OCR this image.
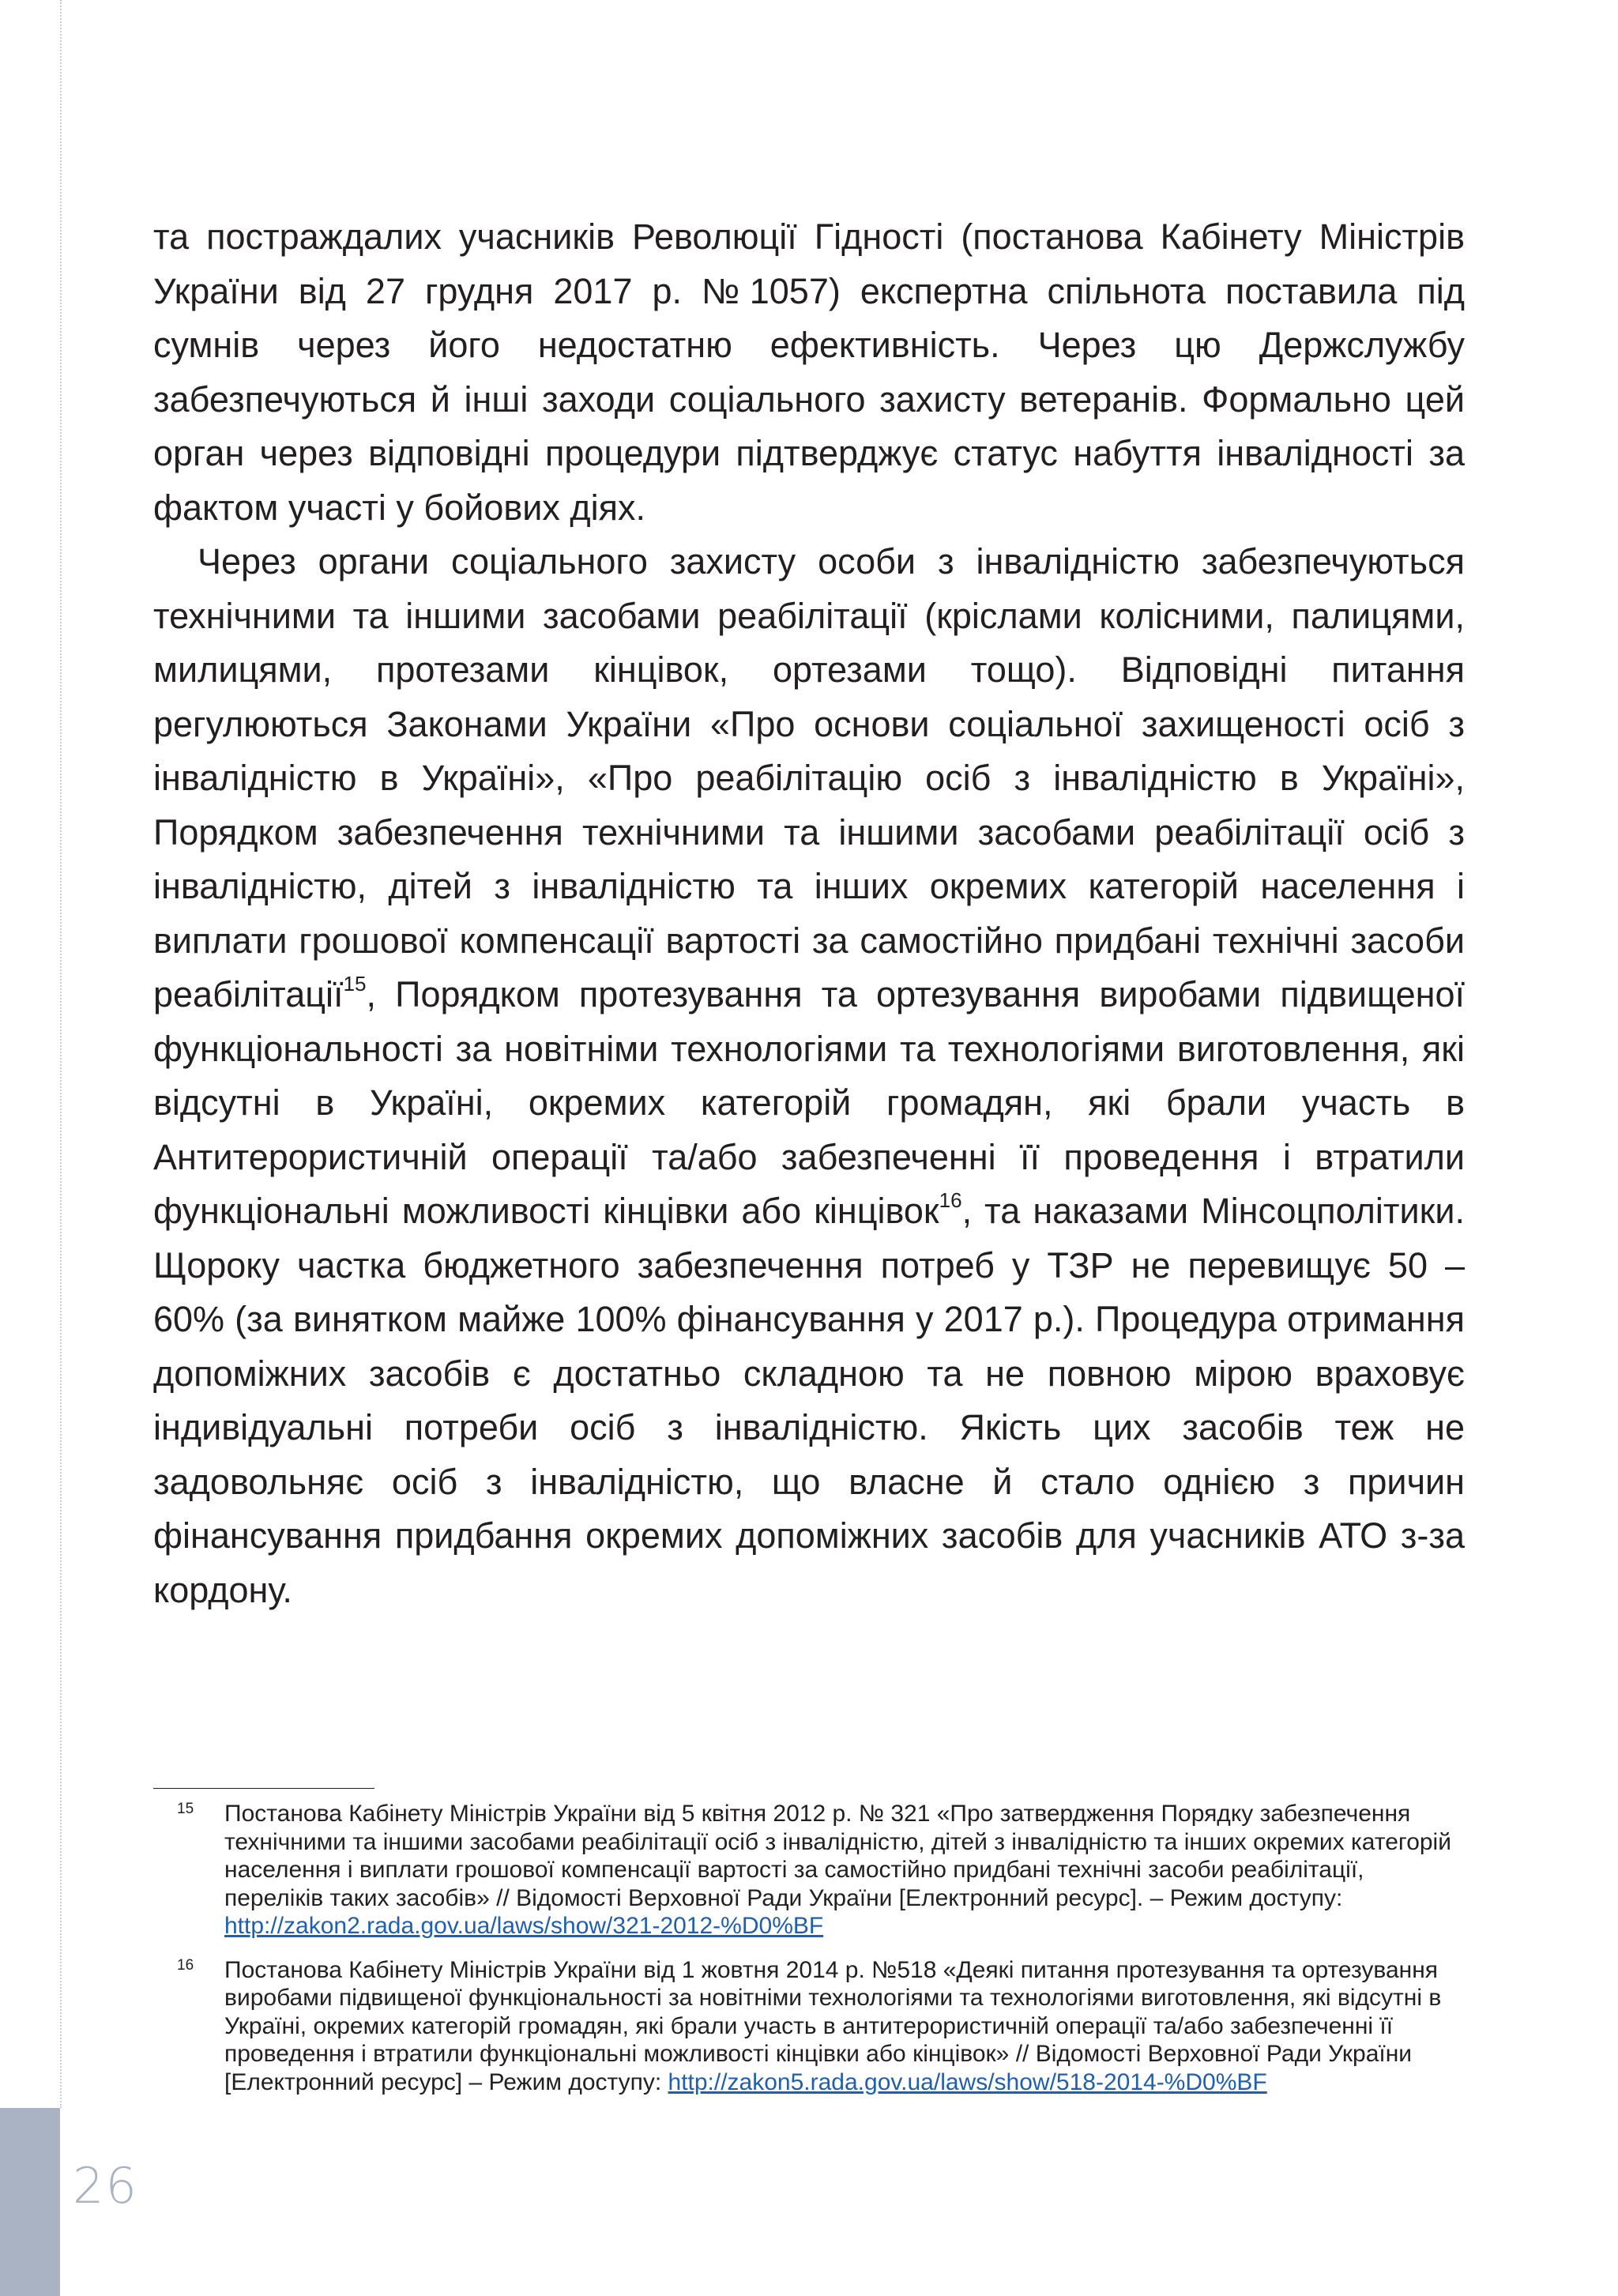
та постраждалих учасників Революції Гідності (постанова Кабінету Міністрів України від 27 грудня 2017 р. №1057) експертна спільнота поставила під сумнів через його недостатню ефективність. Через цю Держслужбу забезпечуються й інші заходи соціального захисту ветеранів. Формально цей орган через відповідні процедури підтверджує статус набуття інвалідності за фактом участі у бойових діях.

Через органи соціального захисту особи з інвалідністю забезпечуються технічними та іншими засобами реабілітації (кріслами колісними, палицями, милицями, протезами кінцівок, ортезами тощо). Відповідні питання регулюються Законами України «Про основи соціальної захищеності осіб з інвалідністю в Україні», «Про реабілітацію осіб з інвалідністю в Україні», Порядком забезпечення технічними та іншими засобами реабілітації осіб з інвалідністю, дітей з інвалідністю та інших окремих категорій населення і виплати грошової компенсації вартості за самостійно придбані технічні засоби реабілітації$^{15}$, Порядком протезування та ортезування виробами підвищеної функціональності за новітніми технологіями та технологіями виготовлення, які відсутні в Україні, окремих категорій громадян, які брали участь в Антитерористичній операції та/або забезпеченні її проведення і втратили функціональні можливості кінцівки або кінцівок$^{16}$, та наказами Мінсоцполітики. Щороку частка бюджетного забезпечення потреб у ТЗР не перевищує 50 – 60% (за винятком майже 100% фінансування у 2017 р.). Процедура отримання допоміжних засобів є достатньо складною та не повною мірою враховує індивідуальні потреби осіб з інвалідністю. Якість цих засобів теж не задовольняє осіб з інвалідністю, що власне й стало однією з причин фінансування придбання окремих допоміжних засобів для учасників АТО з-за кордону.

15 Постанова Кабінету Міністрів України від 5 квітня 2012 р. № 321 «Про затвердження Порядку забезпечення технічними та іншими засобами реабілітації осіб з інвалідністю, дітей з інвалідністю та інших окремих категорій населення і виплати грошової компенсації вартості за самостійно придбані технічні засоби реабілітації, переліків таких засобів» // Відомості Верховної Ради України [Електронний ресурс]. – Режим доступу: http://zakon2.rada.gov.ua/laws/show/321-2012-%D0%BF
16 Постанова Кабінету Міністрів України від 1 жовтня 2014 р. №518 «Деякі питання протезування та ортезування виробами підвищеної функціональності за новітніми технологіями та технологіями виготовлення, які відсутні в Україні, окремих категорій громадян, які брали участь в антитерористичній операції та/або забезпеченні її проведення і втратили функціональні можливості кінцівки або кінцівок» // Відомості Верховної Ради України [Електронний ресурс] – Режим доступу: http://zakon5.rada.gov.ua/laws/show/518-2014-%D0%BF
26
